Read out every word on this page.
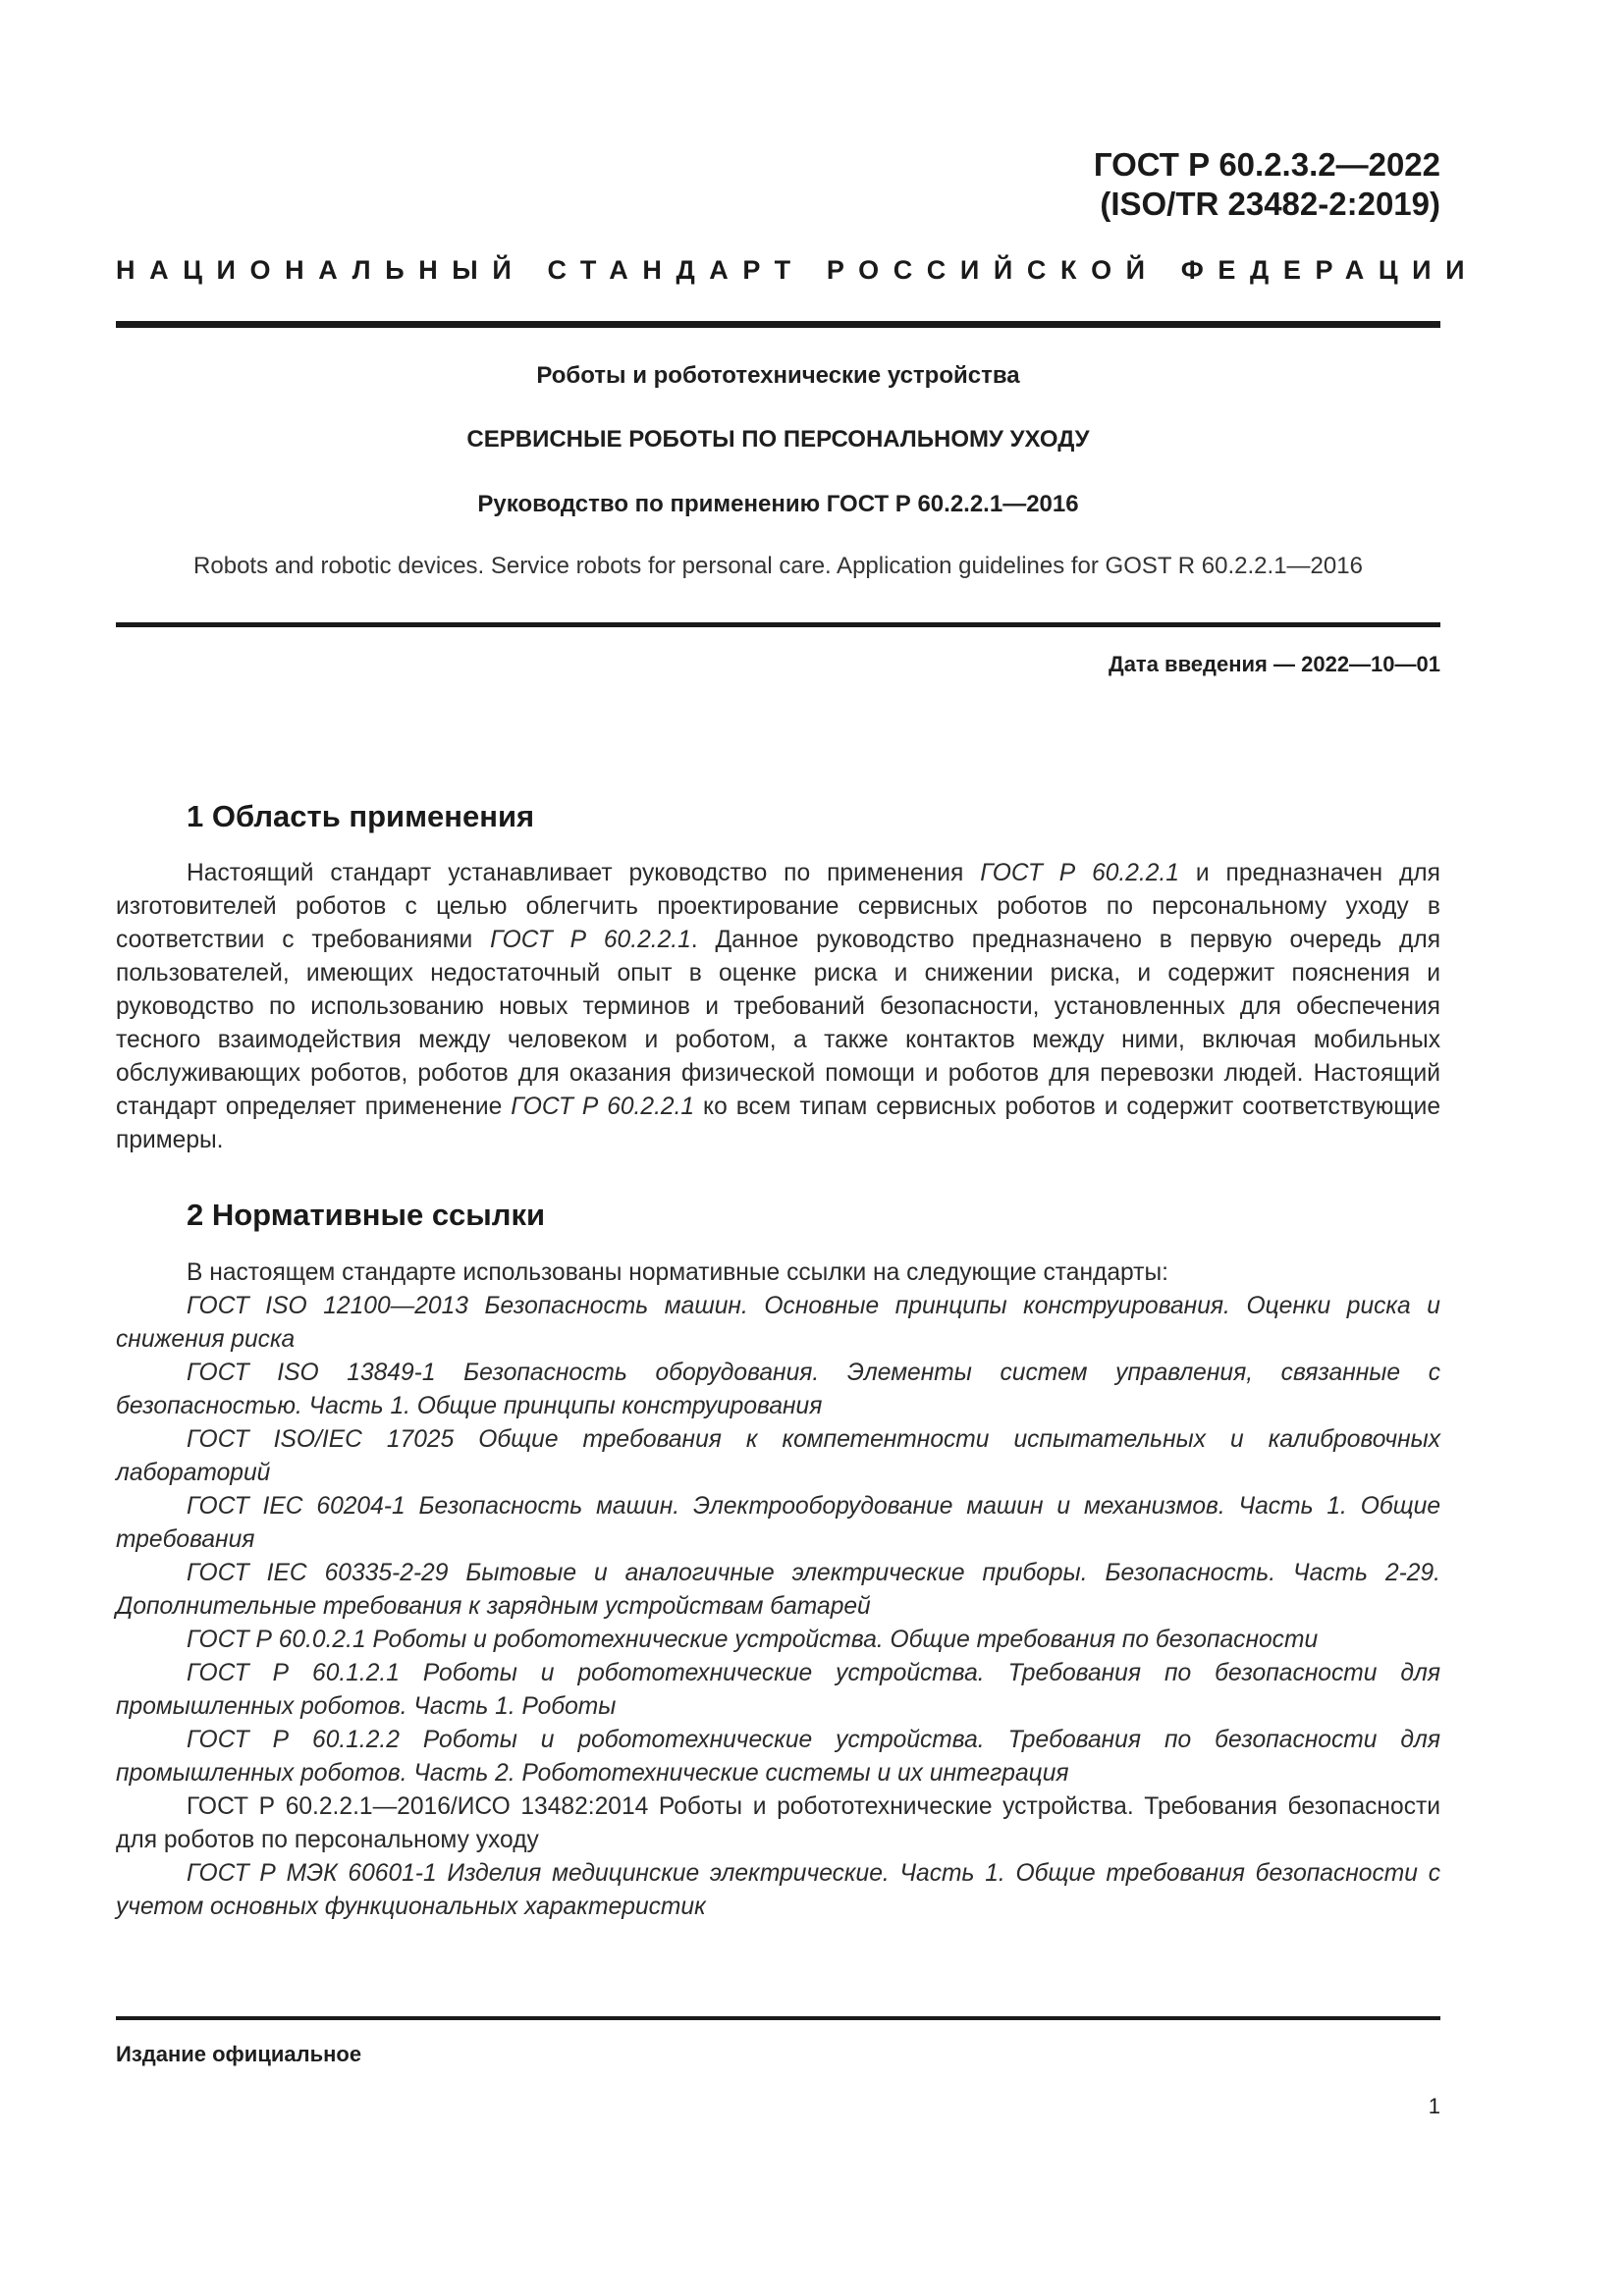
ГОСТ Р 60.2.3.2—2022
(ISO/TR 23482-2:2019)
НАЦИОНАЛЬНЫЙ СТАНДАРТ РОССИЙСКОЙ ФЕДЕРАЦИИ
Роботы и робототехнические устройства
СЕРВИСНЫЕ РОБОТЫ ПО ПЕРСОНАЛЬНОМУ УХОДУ
Руководство по применению ГОСТ Р 60.2.2.1—2016
Robots and robotic devices. Service robots for personal care. Application guidelines for GOST R 60.2.2.1—2016
Дата введения — 2022—10—01
1 Область применения
Настоящий стандарт устанавливает руководство по применения ГОСТ Р 60.2.2.1 и предназначен для изготовителей роботов с целью облегчить проектирование сервисных роботов по персональному уходу в соответствии с требованиями ГОСТ Р 60.2.2.1. Данное руководство предназначено в первую очередь для пользователей, имеющих недостаточный опыт в оценке риска и снижении риска, и содержит пояснения и руководство по использованию новых терминов и требований безопасности, установленных для обеспечения тесного взаимодействия между человеком и роботом, а также контактов между ними, включая мобильных обслуживающих роботов, роботов для оказания физической помощи и роботов для перевозки людей. Настоящий стандарт определяет применение ГОСТ Р 60.2.2.1 ко всем типам сервисных роботов и содержит соответствующие примеры.
2 Нормативные ссылки
В настоящем стандарте использованы нормативные ссылки на следующие стандарты:
ГОСТ ISO 12100—2013 Безопасность машин. Основные принципы конструирования. Оценки риска и снижения риска
ГОСТ ISO 13849-1 Безопасность оборудования. Элементы систем управления, связанные с безопасностью. Часть 1. Общие принципы конструирования
ГОСТ ISO/IEC 17025 Общие требования к компетентности испытательных и калибровочных лабораторий
ГОСТ IEC 60204-1 Безопасность машин. Электрооборудование машин и механизмов. Часть 1. Общие требования
ГОСТ IEC 60335-2-29 Бытовые и аналогичные электрические приборы. Безопасность. Часть 2-29. Дополнительные требования к зарядным устройствам батарей
ГОСТ Р 60.0.2.1 Роботы и робототехнические устройства. Общие требования по безопасности
ГОСТ Р 60.1.2.1 Роботы и робототехнические устройства. Требования по безопасности для промышленных роботов. Часть 1. Роботы
ГОСТ Р 60.1.2.2 Роботы и робототехнические устройства. Требования по безопасности для промышленных роботов. Часть 2. Робототехнические системы и их интеграция
ГОСТ Р 60.2.2.1—2016/ИСО 13482:2014 Роботы и робототехнические устройства. Требования безопасности для роботов по персональному уходу
ГОСТ Р МЭК 60601-1 Изделия медицинские электрические. Часть 1. Общие требования безопасности с учетом основных функциональных характеристик
Издание официальное
1
